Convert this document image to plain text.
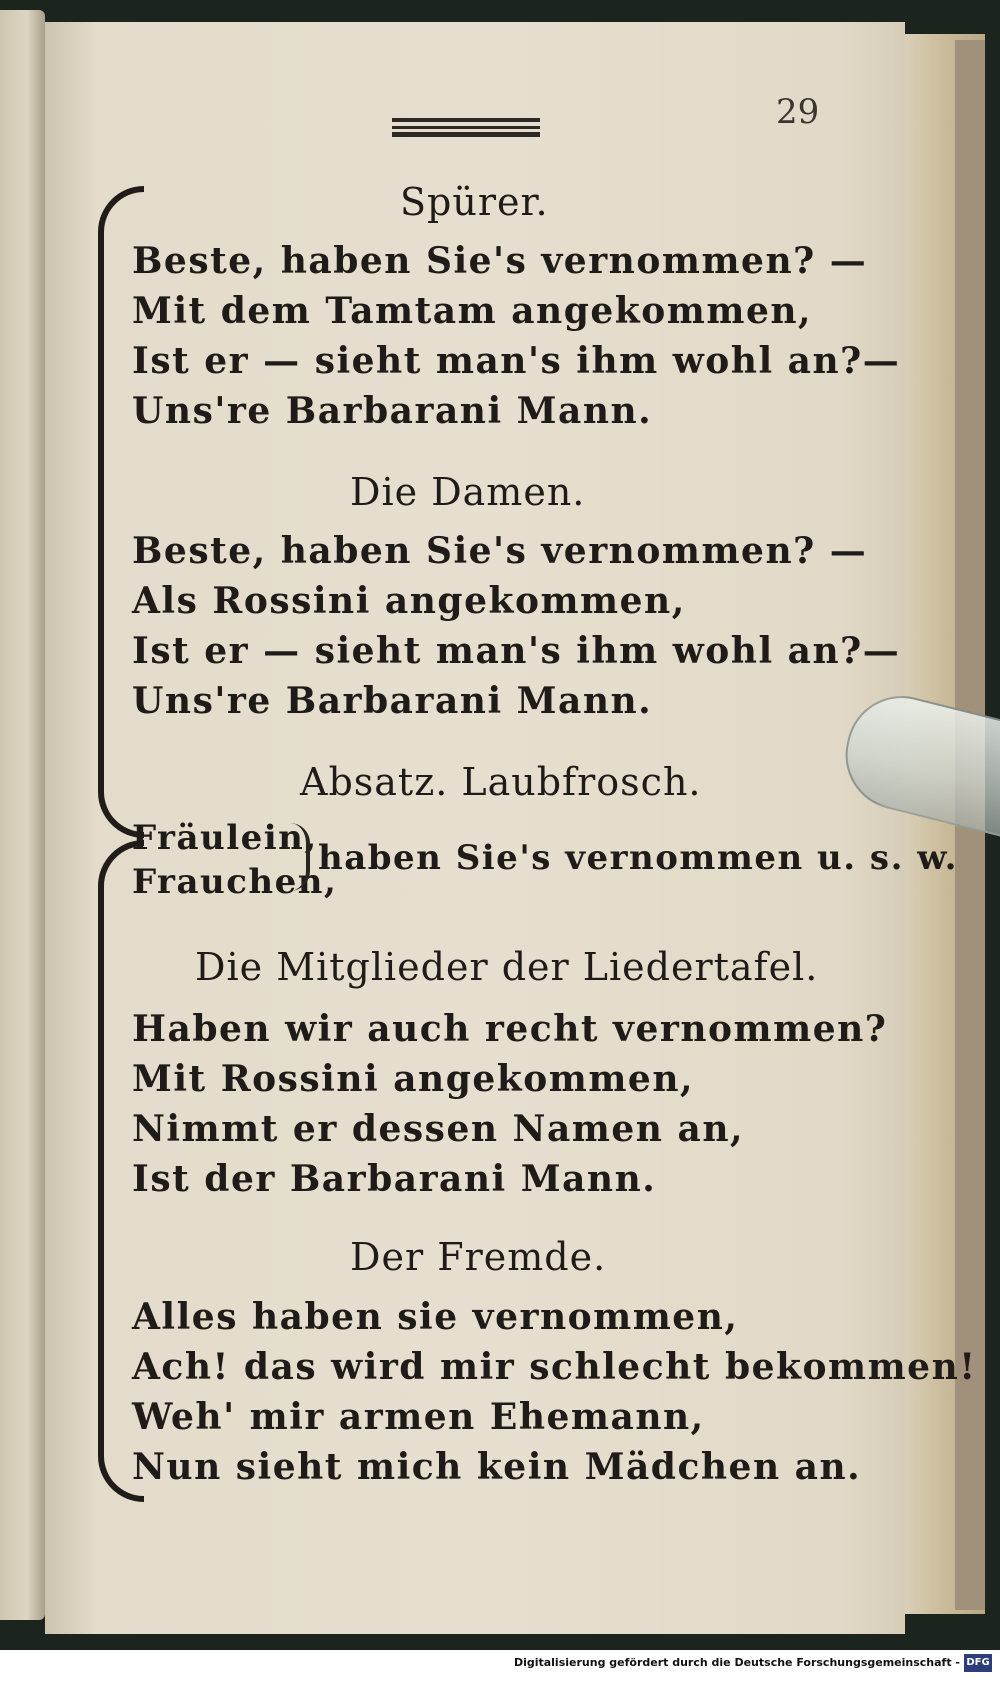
29
Spürer.
Beste, haben Sie's vernommen? —
Mit dem Tamtam angekommen,
Ist er — sieht man's ihm wohl an?—
Uns're Barbarani Mann.
Die Damen.
Beste, haben Sie's vernommen? —
Als Rossini angekommen,
Ist er — sieht man's ihm wohl an?—
Uns're Barbarani Mann.
Absatz. Laubfrosch.
Fräulein,
Frauchen,
haben Sie's vernommen u. s. w.
Die Mitglieder der Liedertafel.
Haben wir auch recht vernommen?
Mit Rossini angekommen,
Nimmt er dessen Namen an,
Ist der Barbarani Mann.
Der Fremde.
Alles haben sie vernommen,
Ach! das wird mir schlecht bekommen!
Weh' mir armen Ehemann,
Nun sieht mich kein Mädchen an.
Digitalisierung gefördert durch die Deutsche Forschungsgemeinschaft - DFG
